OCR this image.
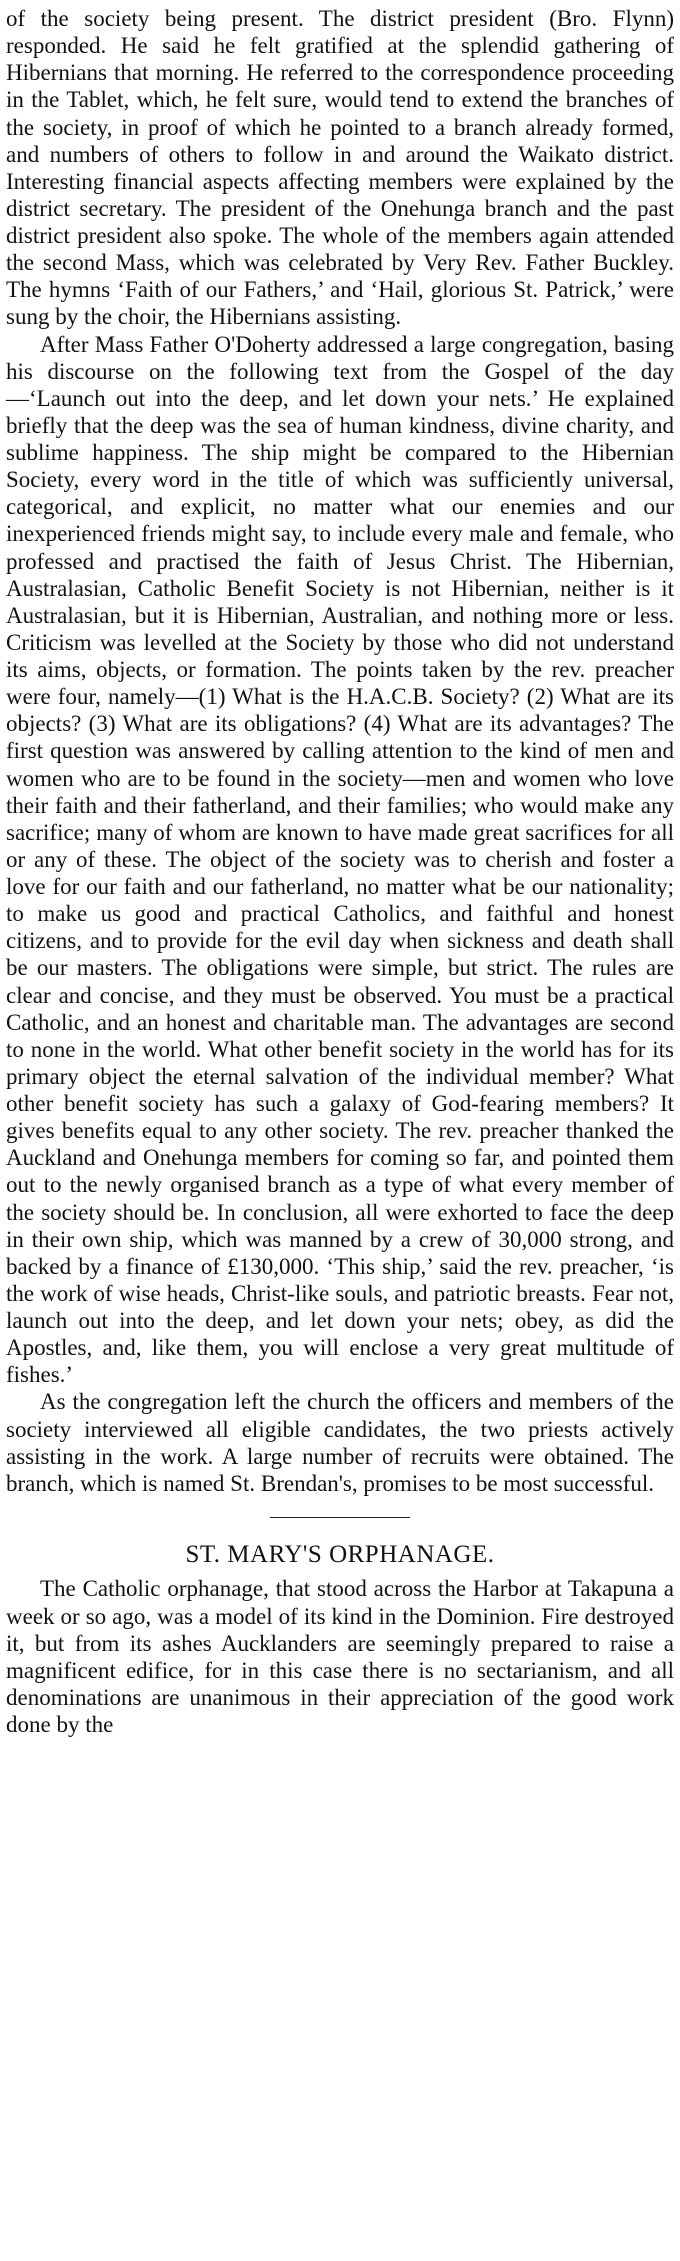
of the society being present. The district president (Bro. Flynn) responded. He said he felt gratified at the splendid gathering of Hibernians that morning. He referred to the correspondence proceeding in the Tablet, which, he felt sure, would tend to extend the branches of the society, in proof of which he pointed to a branch already formed, and numbers of others to follow in and around the Waikato district. Interesting financial aspects affecting members were explained by the district secretary. The president of the Onehunga branch and the past district president also spoke. The whole of the members again attended the second Mass, which was celebrated by Very Rev. Father Buckley. The hymns ‘Faith of our Fathers,’ and ‘Hail, glorious St. Patrick,’ were sung by the choir, the Hibernians assisting.

After Mass Father O'Doherty addressed a large congregation, basing his discourse on the following text from the Gospel of the day—‘Launch out into the deep, and let down your nets.’ He explained briefly that the deep was the sea of human kindness, divine charity, and sublime happiness. The ship might be compared to the Hibernian Society, every word in the title of which was sufficiently universal, categorical, and explicit, no matter what our enemies and our inexperienced friends might say, to include every male and female, who professed and practised the faith of Jesus Christ. The Hibernian, Australasian, Catholic Benefit Society is not Hibernian, neither is it Australasian, but it is Hibernian, Australian, and nothing more or less. Criticism was levelled at the Society by those who did not understand its aims, objects, or formation. The points taken by the rev. preacher were four, namely—(1) What is the H.A.C.B. Society? (2) What are its objects? (3) What are its obligations? (4) What are its advantages? The first question was answered by calling attention to the kind of men and women who are to be found in the society—men and women who love their faith and their fatherland, and their families; who would make any sacrifice; many of whom are known to have made great sacrifices for all or any of these. The object of the society was to cherish and foster a love for our faith and our fatherland, no matter what be our nationality; to make us good and practical Catholics, and faithful and honest citizens, and to provide for the evil day when sickness and death shall be our masters. The obligations were simple, but strict. The rules are clear and concise, and they must be observed. You must be a practical Catholic, and an honest and charitable man. The advantages are second to none in the world. What other benefit society in the world has for its primary object the eternal salvation of the individual member? What other benefit society has such a galaxy of God-fearing members? It gives benefits equal to any other society. The rev. preacher thanked the Auckland and Onehunga members for coming so far, and pointed them out to the newly organised branch as a type of what every member of the society should be. In conclusion, all were exhorted to face the deep in their own ship, which was manned by a crew of 30,000 strong, and backed by a finance of £130,000. ‘This ship,’ said the rev. preacher, ‘is the work of wise heads, Christ-like souls, and patriotic breasts. Fear not, launch out into the deep, and let down your nets; obey, as did the Apostles, and, like them, you will enclose a very great multitude of fishes.’

As the congregation left the church the officers and members of the society interviewed all eligible candidates, the two priests actively assisting in the work. A large number of recruits were obtained. The branch, which is named St. Brendan's, promises to be most successful.

ST. MARY'S ORPHANAGE.

The Catholic orphanage, that stood across the Harbor at Takapuna a week or so ago, was a model of its kind in the Dominion. Fire destroyed it, but from its ashes Aucklanders are seemingly prepared to raise a magnificent edifice, for in this case there is no sectarianism, and all denominations are unanimous in their appreciation of the good work done by the
